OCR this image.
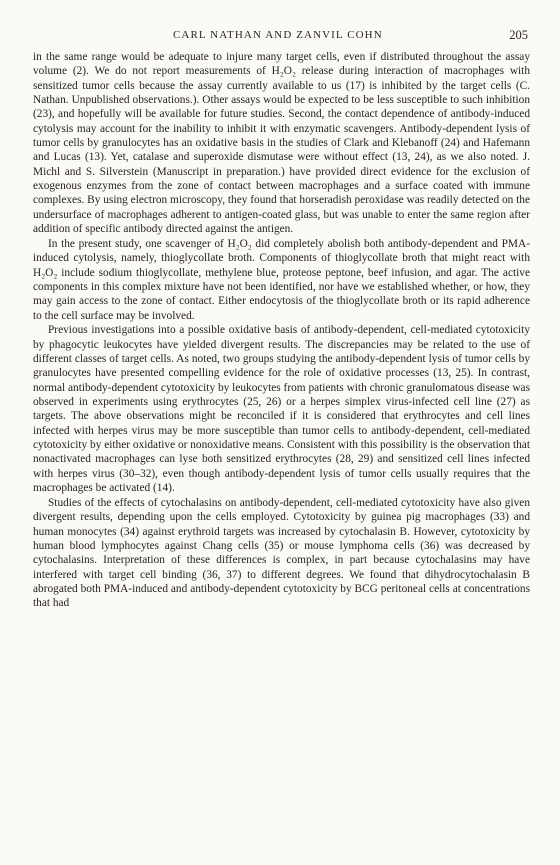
CARL NATHAN AND ZANVIL COHN	205

in the same range would be adequate to injure many target cells, even if distributed throughout the assay volume (2). We do not report measurements of H₂O₂ release during interaction of macrophages with sensitized tumor cells because the assay currently available to us (17) is inhibited by the target cells (C. Nathan. Unpublished observations.). Other assays would be expected to be less susceptible to such inhibition (23), and hopefully will be available for future studies. Second, the contact dependence of antibody-induced cytolysis may account for the inability to inhibit it with enzymatic scavengers. Antibody-dependent lysis of tumor cells by granulocytes has an oxidative basis in the studies of Clark and Klebanoff (24) and Hafemann and Lucas (13). Yet, catalase and superoxide dismutase were without effect (13, 24), as we also noted. J. Michl and S. Silverstein (Manuscript in preparation.) have provided direct evidence for the exclusion of exogenous enzymes from the zone of contact between macrophages and a surface coated with immune complexes. By using electron microscopy, they found that horseradish peroxidase was readily detected on the undersurface of macrophages adherent to antigen-coated glass, but was unable to enter the same region after addition of specific antibody directed against the antigen.

In the present study, one scavenger of H₂O₂ did completely abolish both antibody-dependent and PMA-induced cytolysis, namely, thioglycollate broth. Components of thioglycollate broth that might react with H₂O₂ include sodium thioglycollate, methylene blue, proteose peptone, beef infusion, and agar. The active components in this complex mixture have not been identified, nor have we established whether, or how, they may gain access to the zone of contact. Either endocytosis of the thioglycollate broth or its rapid adherence to the cell surface may be involved.

Previous investigations into a possible oxidative basis of antibody-dependent, cell-mediated cytotoxicity by phagocytic leukocytes have yielded divergent results. The discrepancies may be related to the use of different classes of target cells. As noted, two groups studying the antibody-dependent lysis of tumor cells by granulocytes have presented compelling evidence for the role of oxidative processes (13, 25). In contrast, normal antibody-dependent cytotoxicity by leukocytes from patients with chronic granulomatous disease was observed in experiments using erythrocytes (25, 26) or a herpes simplex virus-infected cell line (27) as targets. The above observations might be reconciled if it is considered that erythrocytes and cell lines infected with herpes virus may be more susceptible than tumor cells to antibody-dependent, cell-mediated cytotoxicity by either oxidative or nonoxidative means. Consistent with this possibility is the observation that nonactivated macrophages can lyse both sensitized erythrocytes (28, 29) and sensitized cell lines infected with herpes virus (30–32), even though antibody-dependent lysis of tumor cells usually requires that the macrophages be activated (14).

Studies of the effects of cytochalasins on antibody-dependent, cell-mediated cytotoxicity have also given divergent results, depending upon the cells employed. Cytotoxicity by guinea pig macrophages (33) and human monocytes (34) against erythroid targets was increased by cytochalasin B. However, cytotoxicity by human blood lymphocytes against Chang cells (35) or mouse lymphoma cells (36) was decreased by cytochalasins. Interpretation of these differences is complex, in part because cytochalasins may have interfered with target cell binding (36, 37) to different degrees. We found that dihydrocytochalasin B abrogated both PMA-induced and antibody-dependent cytotoxicity by BCG peritoneal cells at concentrations that had
